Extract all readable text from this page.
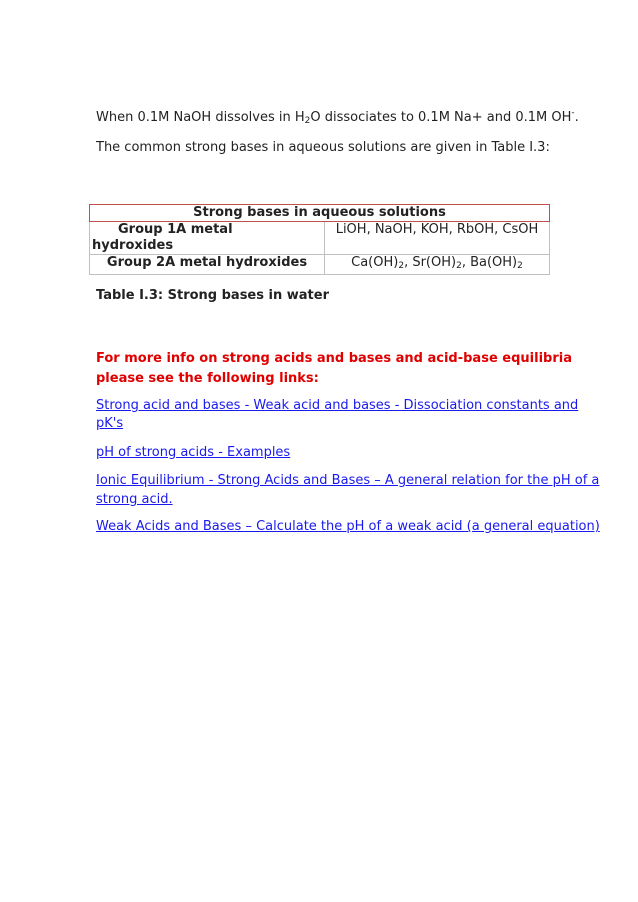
When 0.1M NaOH dissolves in $H_2O$ dissociates to 0.1M Na+ and 0.1M OH-.
The common strong bases in aqueous solutions are given in Table I.3:
Strong bases in aqueous solutions	

Group 1A metal
hydroxides	LiOH, NaOH, KOH, RbOH, CsOH
Group 2A metal hydroxides	$Ca(OH)_2$, $Sr(OH)_2$, $Ba(OH)_2$
Table I.3: Strong bases in water
For more info on strong acids and bases and acid-base equilibria
please see the following links:
Strong acid and bases - Weak acid and bases - Dissociation constants and
pK's
pH of strong acids - Examples
Ionic Equilibrium - Strong Acids and Bases – A general relation for the pH of a
strong acid.
Weak Acids and Bases – Calculate the pH of a weak acid (a general equation)
